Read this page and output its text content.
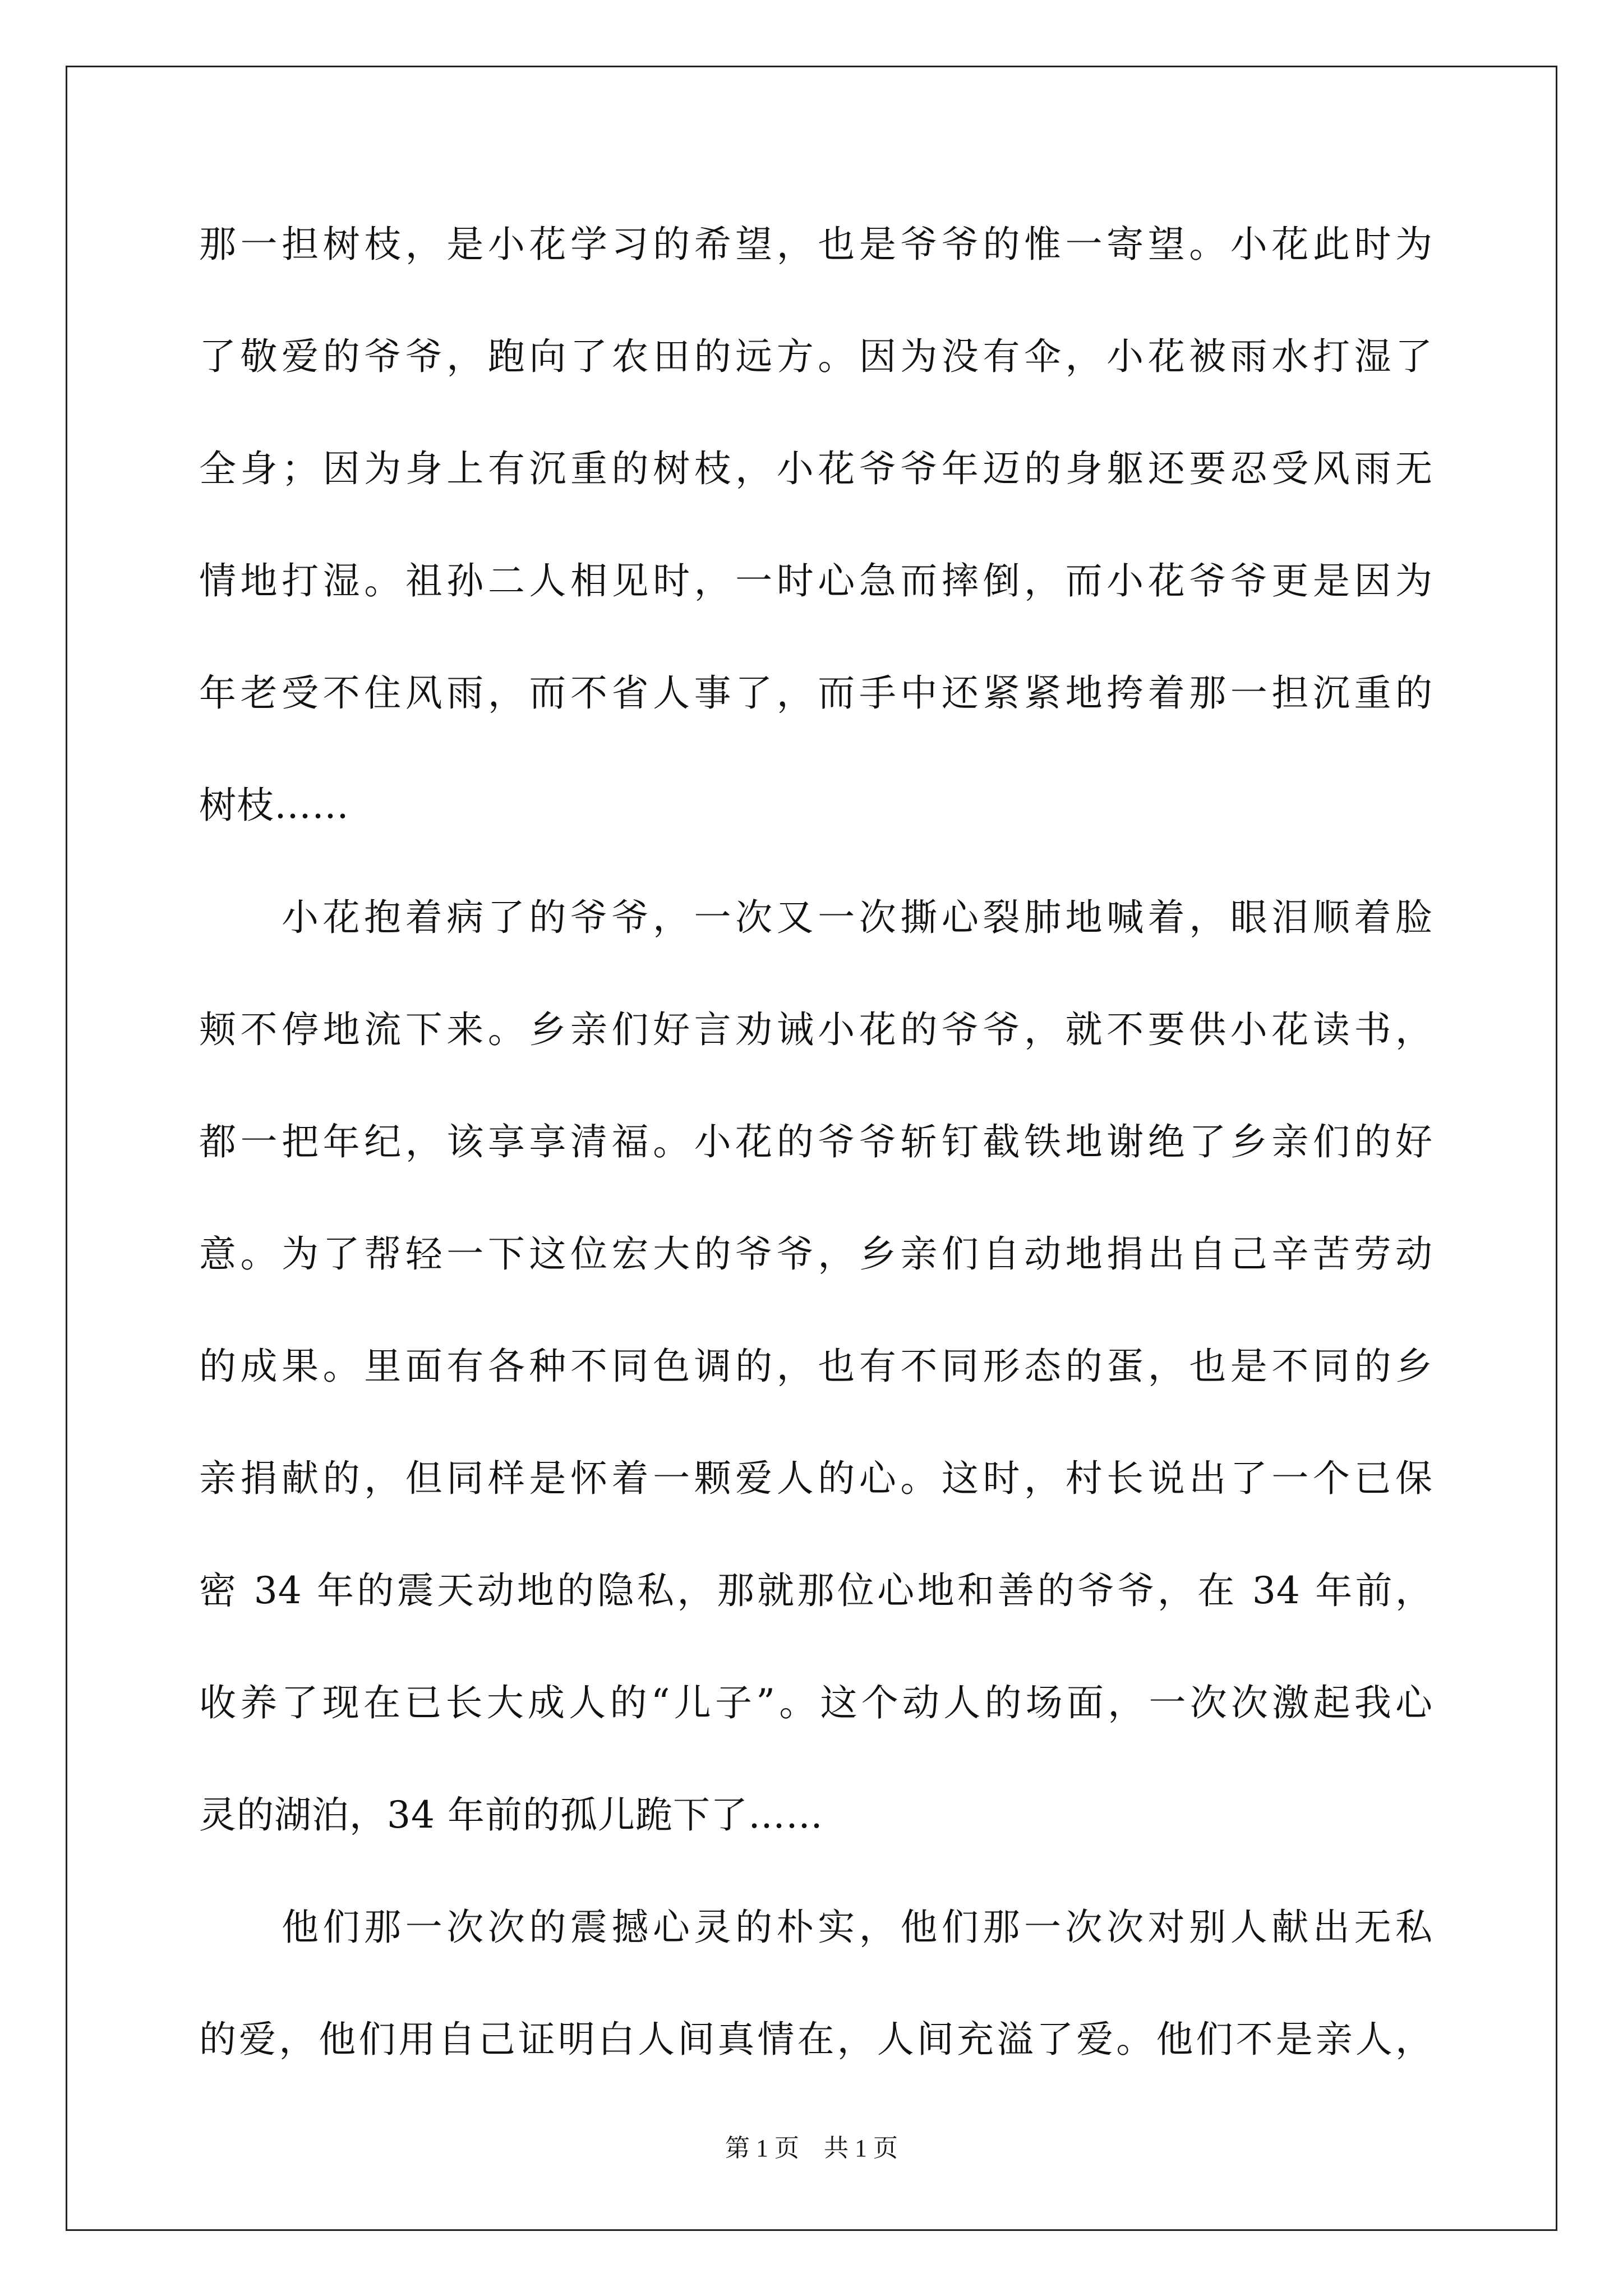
那一担树枝，是小花学习的希望，也是爷爷的惟一寄望。小花此时为
了敬爱的爷爷，跑向了农田的远方。因为没有伞，小花被雨水打湿了
全身；因为身上有沉重的树枝，小花爷爷年迈的身躯还要忍受风雨无
情地打湿。祖孙二人相见时，一时心急而摔倒，而小花爷爷更是因为
年老受不住风雨，而不省人事了，而手中还紧紧地挎着那一担沉重的
树枝……
小花抱着病了的爷爷，一次又一次撕心裂肺地喊着，眼泪顺着脸
颊不停地流下来。乡亲们好言劝诫小花的爷爷，就不要供小花读书，
都一把年纪，该享享清福。小花的爷爷斩钉截铁地谢绝了乡亲们的好
意。为了帮轻一下这位宏大的爷爷，乡亲们自动地捐出自己辛苦劳动
的成果。里面有各种不同色调的，也有不同形态的蛋，也是不同的乡
亲捐献的，但同样是怀着一颗爱人的心。这时，村长说出了一个已保
密 34 年的震天动地的隐私，那就那位心地和善的爷爷，在 34 年前，
收养了现在已长大成人的“儿子”。这个动人的场面，一次次激起我心
灵的湖泊，34 年前的孤儿跪下了……
他们那一次次的震撼心灵的朴实，他们那一次次对别人献出无私
的爱，他们用自己证明白人间真情在，人间充溢了爱。他们不是亲人，
第 1 页　共 1 页
